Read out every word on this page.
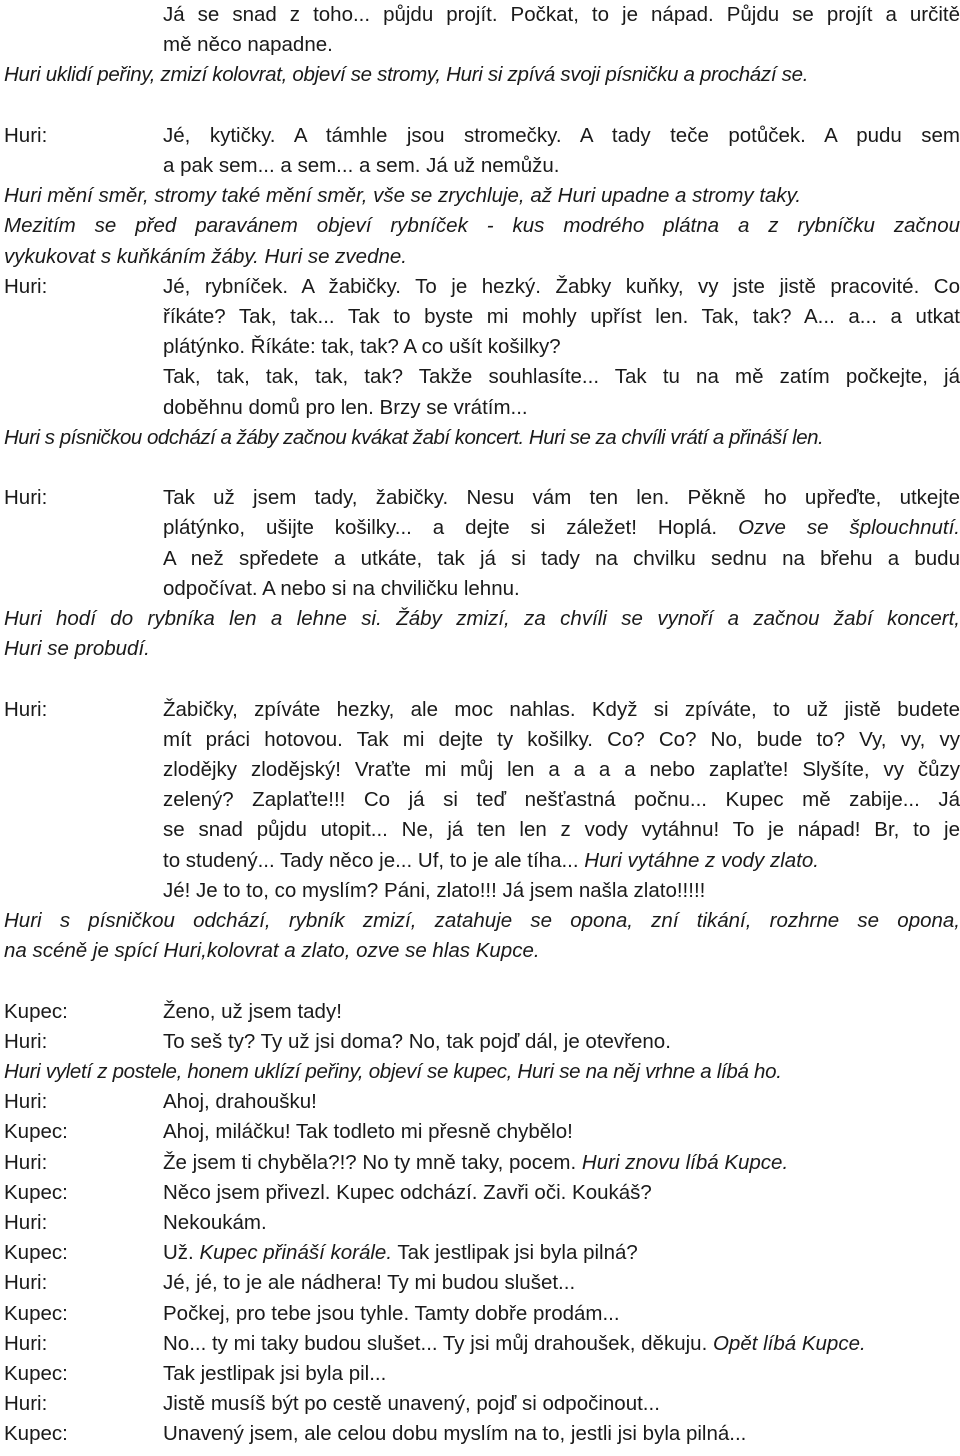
Já se snad z toho... půjdu projít. Počkat, to je nápad. Půjdu se projít a určitě
mě něco napadne.
Huri uklidí peřiny, zmizí kolovrat, objeví se stromy, Huri si zpívá svoji písničku a prochází se.
Huri:	Jé, kytičky. A támhle jsou stromečky. A tady teče potůček. A pudu sem
a pak sem... a sem... a sem. Já už nemůžu.
Huri mění směr, stromy také mění směr, vše se zrychluje, až Huri upadne a stromy taky.
Mezitím se před paravánem objeví rybníček - kus modrého plátna a z rybníčku začnou
vykukovat s kuňkáním žáby. Huri se zvedne.
Huri:	Jé, rybníček. A žabičky. To je hezký. Žabky kuňky, vy jste jistě pracovité. Co
říkáte? Tak, tak... Tak to byste mi mohly upříst len. Tak, tak? A... a... a utkat
plátýnko. Říkáte: tak, tak? A co ušít košilky?
Tak, tak, tak, tak, tak? Takže souhlasíte... Tak tu na mě zatím počkejte, já
doběhnu domů pro len. Brzy se vrátím...
Huri s písničkou odchází a žáby začnou kvákat žabí koncert. Huri se za chvíli vrátí a přináší len.
Huri:	Tak už jsem tady, žabičky. Nesu vám ten len. Pěkně ho upřeďte, utkejte
plátýnko, ušijte košilky... a dejte si záležet! Hoplá. Ozve se šplouchnutí.
A než spředete a utkáte, tak já si tady na chvilku sednu na břehu a budu
odpočívat. A nebo si na chviličku lehnu.
Huri hodí do rybníka len a lehne si. Žáby zmizí, za chvíli se vynoří a začnou žabí koncert,
Huri se probudí.
Huri:	Žabičky, zpíváte hezky, ale moc nahlas. Když si zpíváte, to už jistě budete
mít práci hotovou. Tak mi dejte ty košilky. Co? Co? No, bude to? Vy, vy, vy
zlodějky zlodějský! Vraťte mi můj len a a a a nebo zaplaťte! Slyšíte, vy čůzy
zelený? Zaplaťte!!! Co já si teď nešťastná počnu... Kupec mě zabije... Já
se snad půjdu utopit... Ne, já ten len z vody vytáhnu! To je nápad! Br, to je
to studený... Tady něco je... Uf, to je ale tíha... Huri vytáhne z vody zlato.
Jé! Je to to, co myslím? Páni, zlato!!! Já jsem našla zlato!!!!!
Huri s písničkou odchází, rybník zmizí, zatahuje se opona, zní tikání, rozhrne se opona,
na scéně je spící Huri,kolovrat a zlato, ozve se hlas Kupce.
Kupec:	Ženo, už jsem tady!
Huri:	To seš ty? Ty už jsi doma? No, tak pojď dál, je otevřeno.
Huri vyletí z postele, honem uklízí peřiny, objeví se kupec, Huri se na něj vrhne a líbá ho.
Huri:	Ahoj, drahoušku!
Kupec:	Ahoj, miláčku! Tak todleto mi přesně chybělo!
Huri:	Že jsem ti chyběla?!? No ty mně taky, pocem. Huri znovu líbá Kupce.
Kupec:	Něco jsem přivezl. Kupec odchází. Zavři oči. Koukáš?
Huri:	Nekoukám.
Kupec:	Už. Kupec přináší korále. Tak jestlipak jsi byla pilná?
Huri:	Jé, jé, to je ale nádhera! Ty mi budou slušet...
Kupec:	Počkej, pro tebe jsou tyhle. Tamty dobře prodám...
Huri:	No... ty mi taky budou slušet... Ty jsi můj drahoušek, děkuju. Opět líbá Kupce.
Kupec:	Tak jestlipak jsi byla pil...
Huri:	Jistě musíš být po cestě unavený, pojď si odpočinout...
Kupec:	Unavený jsem, ale celou dobu myslím na to, jestli jsi byla pilná...
